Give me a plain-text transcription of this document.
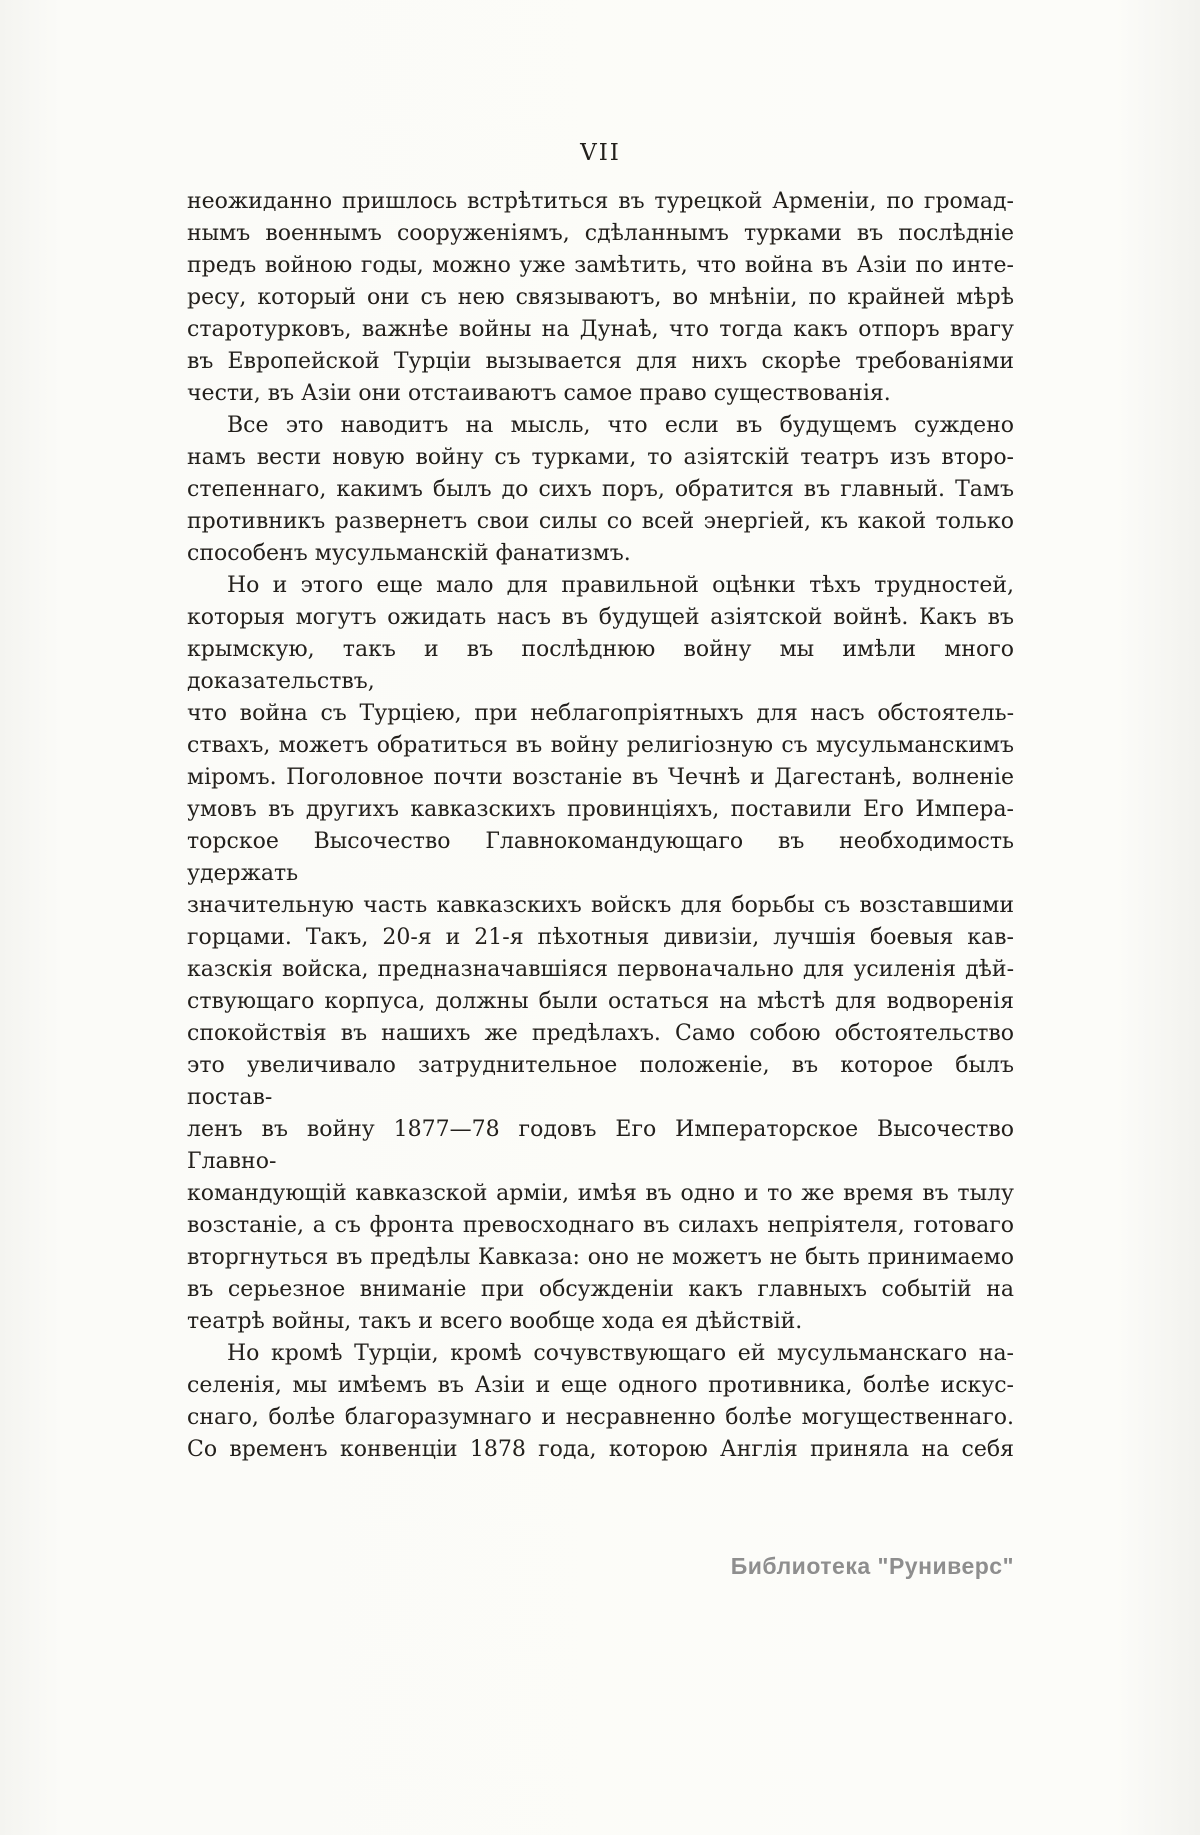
VII
неожиданно пришлось встрѣтиться въ турецкой Арменіи, по громад-
нымъ военнымъ сооруженіямъ, сдѣланнымъ турками въ послѣдніе
предъ войною годы, можно уже замѣтить, что война въ Азіи по инте-
ресу, который они съ нею связываютъ, во мнѣніи, по крайней мѣрѣ
старотурковъ, важнѣе войны на Дунаѣ, что тогда какъ отпоръ врагу
въ Европейской Турціи вызывается для нихъ скорѣе требованіями
чести, въ Азіи они отстаиваютъ самое право существованія.
Все это наводитъ на мысль, что если въ будущемъ суждено
намъ вести новую войну съ турками, то азіятскій театръ изъ второ-
степеннаго, какимъ былъ до сихъ поръ, обратится въ главный. Тамъ
противникъ развернетъ свои силы со всей энергіей, къ какой только
способенъ мусульманскій фанатизмъ.
Но и этого еще мало для правильной оцѣнки тѣхъ трудностей,
которыя могутъ ожидать насъ въ будущей азіятской войнѣ. Какъ въ
крымскую, такъ и въ послѣднюю войну мы имѣли много доказательствъ,
что война съ Турціею, при неблагопріятныхъ для насъ обстоятель-
ствахъ, можетъ обратиться въ войну религіозную съ мусульманскимъ
міромъ. Поголовное почти возстаніе въ Чечнѣ и Дагестанѣ, волненіе
умовъ въ другихъ кавказскихъ провинціяхъ, поставили Его Импера-
торское Высочество Главнокомандующаго въ необходимость удержать
значительную часть кавказскихъ войскъ для борьбы съ возставшими
горцами. Такъ, 20-я и 21-я пѣхотныя дивизіи, лучшія боевыя кав-
казскія войска, предназначавшіяся первоначально для усиленія дѣй-
ствующаго корпуса, должны были остаться на мѣстѣ для водворенія
спокойствія въ нашихъ же предѣлахъ. Само собою обстоятельство
это увеличивало затруднительное положеніе, въ которое былъ постав-
ленъ въ войну 1877—78 годовъ Его Императорское Высочество Главно-
командующій кавказской арміи, имѣя въ одно и то же время въ тылу
возстаніе, а съ фронта превосходнаго въ силахъ непріятеля, готоваго
вторгнуться въ предѣлы Кавказа: оно не можетъ не быть принимаемо
въ серьезное вниманіе при обсужденіи какъ главныхъ событій на
театрѣ войны, такъ и всего вообще хода ея дѣйствій.
Но кромѣ Турціи, кромѣ сочувствующаго ей мусульманскаго на-
селенія, мы имѣемъ въ Азіи и еще одного противника, болѣе искус-
снаго, болѣе благоразумнаго и несравненно болѣе могущественнаго.
Со временъ конвенціи 1878 года, которою Англія приняла на себя
Библиотека "Руниверс"
